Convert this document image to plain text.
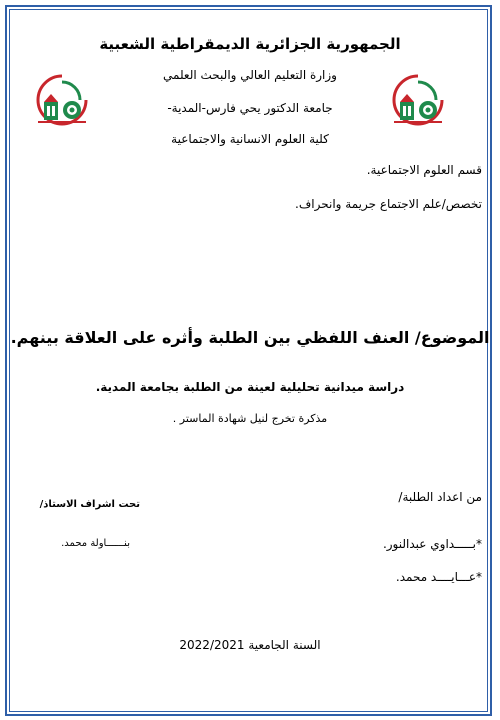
الجمهورية الجزائرية الديمقراطية الشعبية
وزارة التعليم العالي والبحث العلمي
جامعة الدكتور يحي فارس-المدية-
كلية العلوم الانسانية والاجتماعية
قسم العلوم الاجتماعية.
تخصص/علم الاجتماع جريمة وانحراف.
الموضوع/ العنف اللفظي بين الطلبة وأثره على العلاقة بينهم.
دراسة ميدانية تحليلية لعينة من الطلبة بجامعة المدية.
مذكرة تخرج لنيل شهادة الماستر .
من اعداد الطلبة/
تحت اشراف الاستاذ/
*بـــــداوي عبدالنور.
بنــــــاولة محمد.
*عـــايــــد محمد.
السنة الجامعية 2022/2021
